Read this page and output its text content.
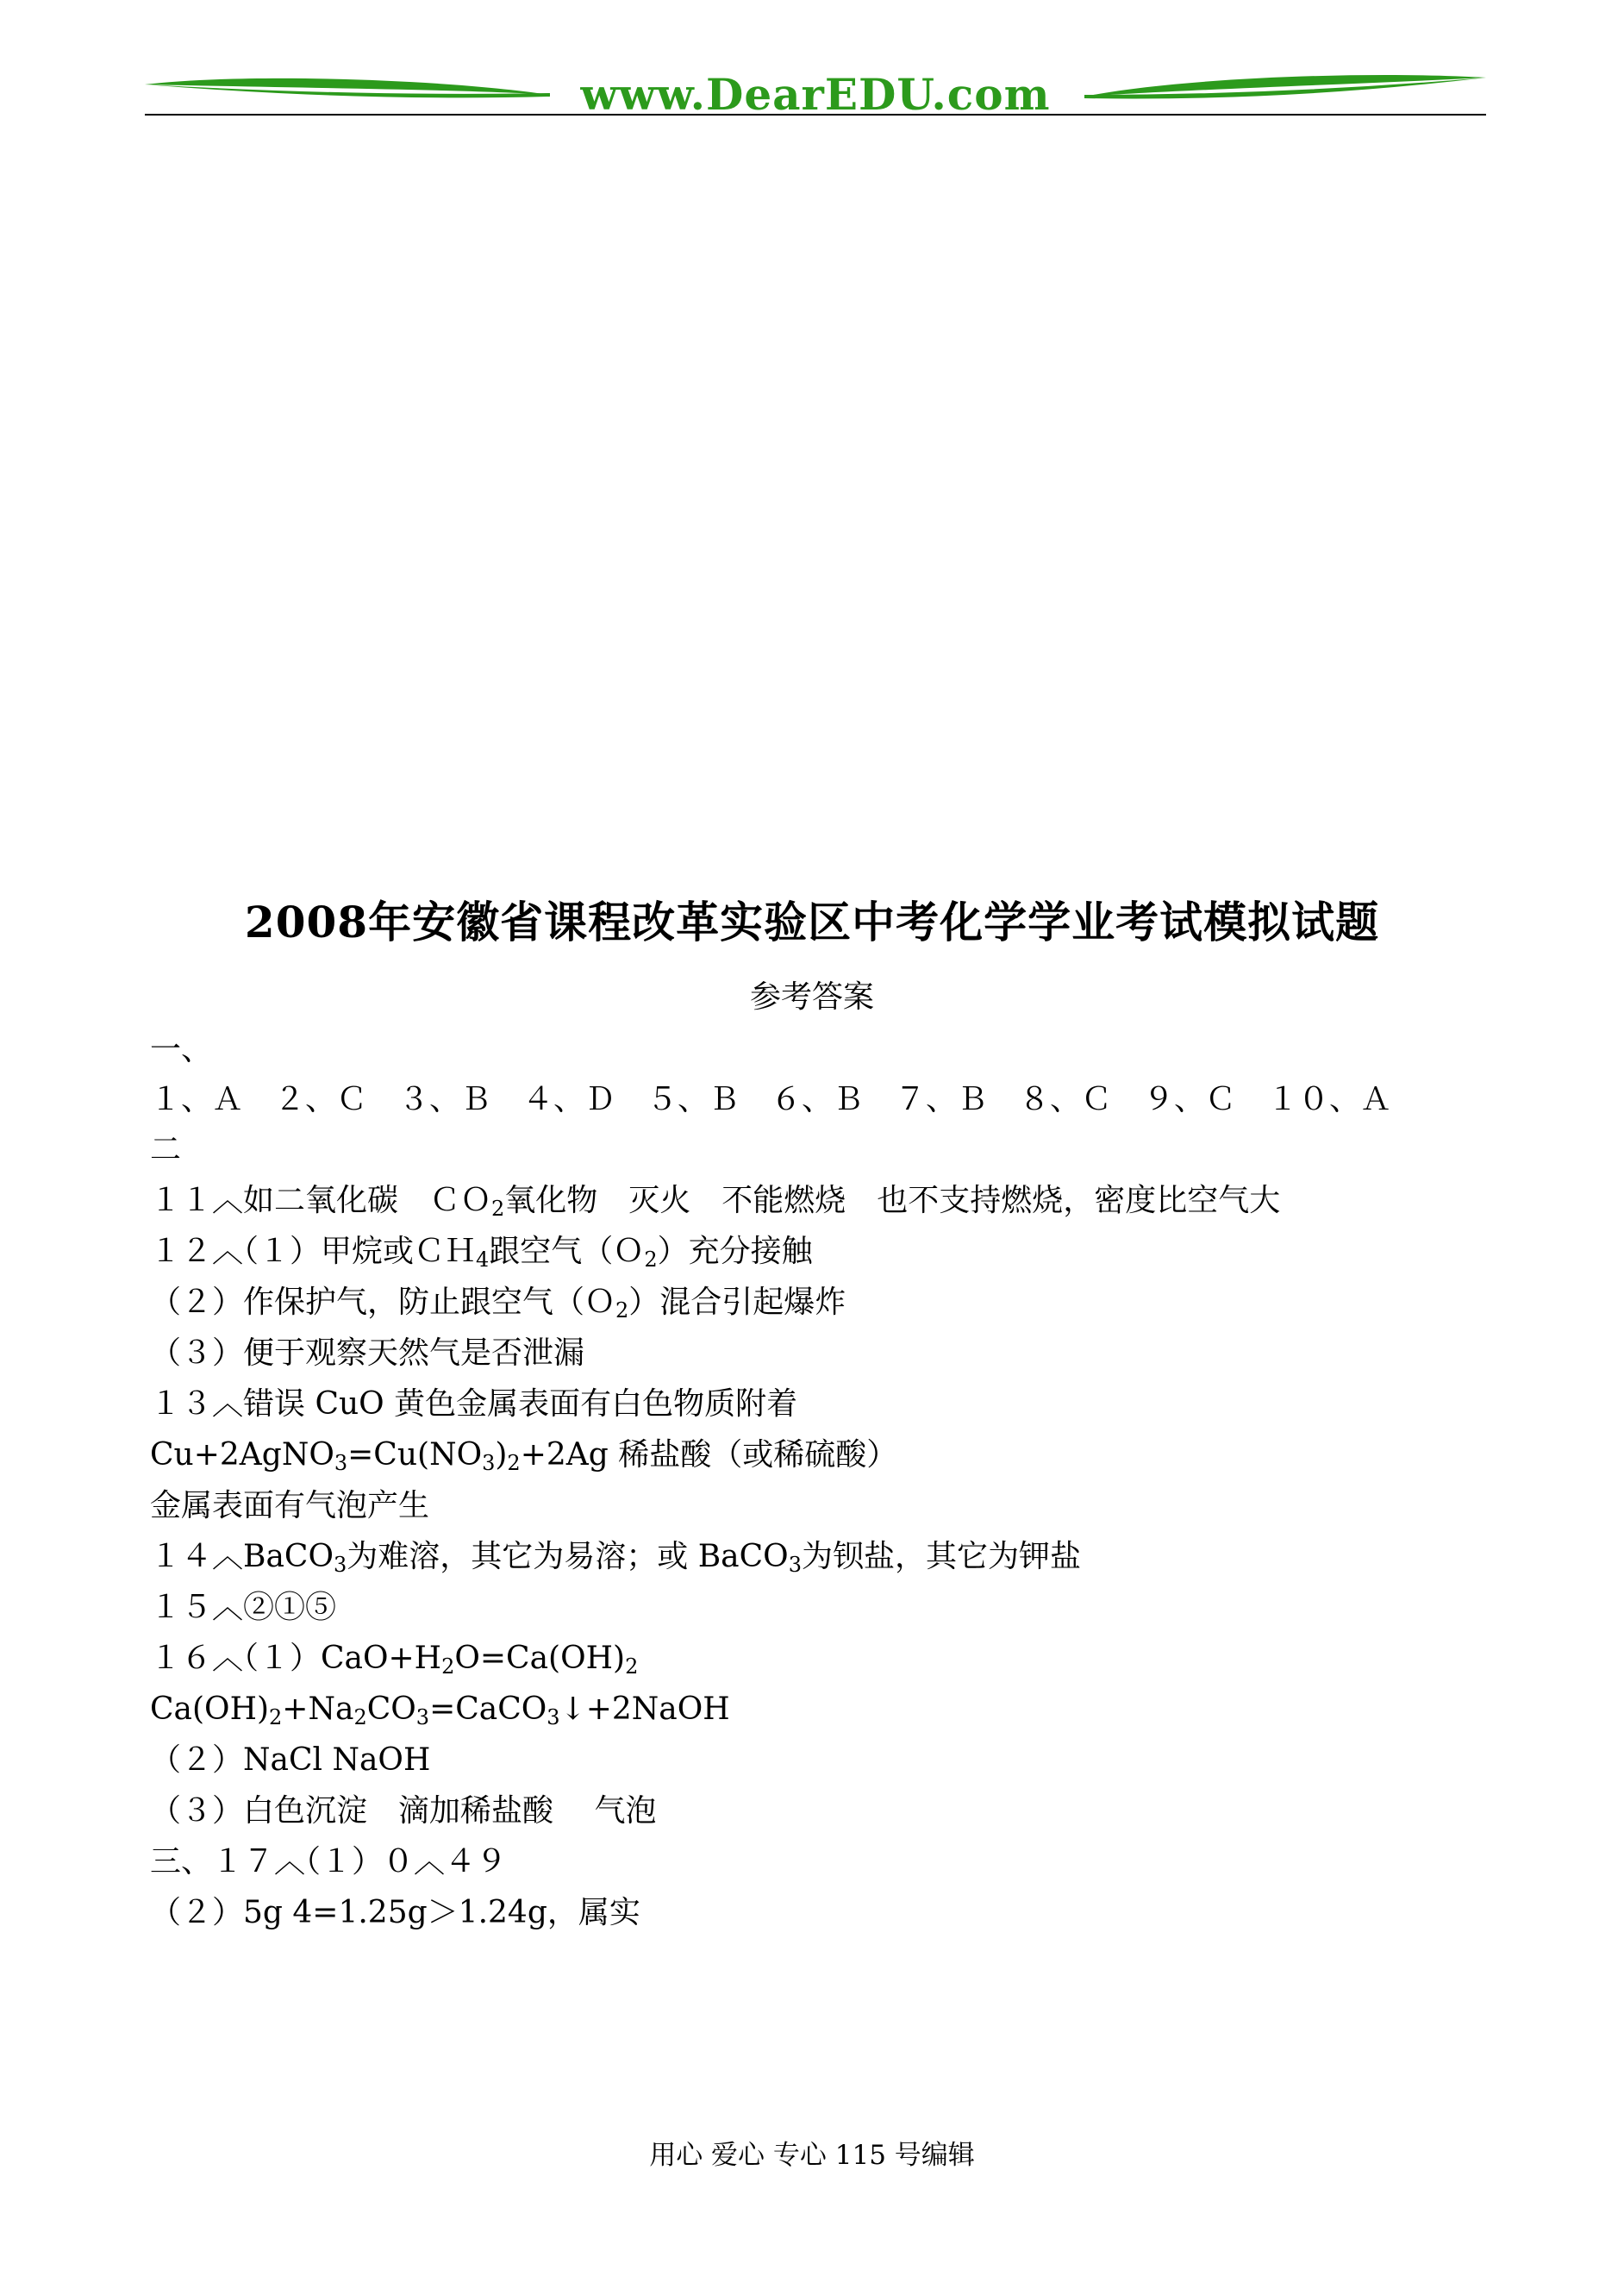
www.DearEDU.com
2008年安徽省课程改革实验区中考化学学业考试模拟试题
参考答案
一、
１、Ａ　２、Ｃ　３、Ｂ　４、Ｄ　５、Ｂ　６、Ｂ　７、Ｂ　８、Ｃ　９、Ｃ　１０、Ａ
二
１１︿如二氧化碳　ＣＯ$_2$氧化物　灭火　不能燃烧　也不支持燃烧，密度比空气大
１２︿（１）甲烷或ＣＨ$_4$跟空气（Ｏ$_2$）充分接触
（２）作保护气，防止跟空气（Ｏ$_2$）混合引起爆炸
（３）便于观察天然气是否泄漏
１３︿错误 CuO 黄色金属表面有白色物质附着
$Cu+2AgNO_3=Cu(NO_3)_2+2Ag$ 稀盐酸（或稀硫酸）
金属表面有气泡产生
１４︿BaCO$_3$为难溶，其它为易溶；或 BaCO$_3$为钡盐，其它为钾盐
１５︿②①⑤
$16︿(1)CaO+H_2O=Ca(OH)_2$
$Ca(OH)_2+Na_2CO_3=CaCO_3↓+2NaOH$
（２）NaCl NaOH
（３）白色沉淀　滴加稀盐酸　 气泡
三、１７︿（１）０︿４９
（２）5g 4=1.25g＞1.24g，属实
用心 爱心 专心 115 号编辑
